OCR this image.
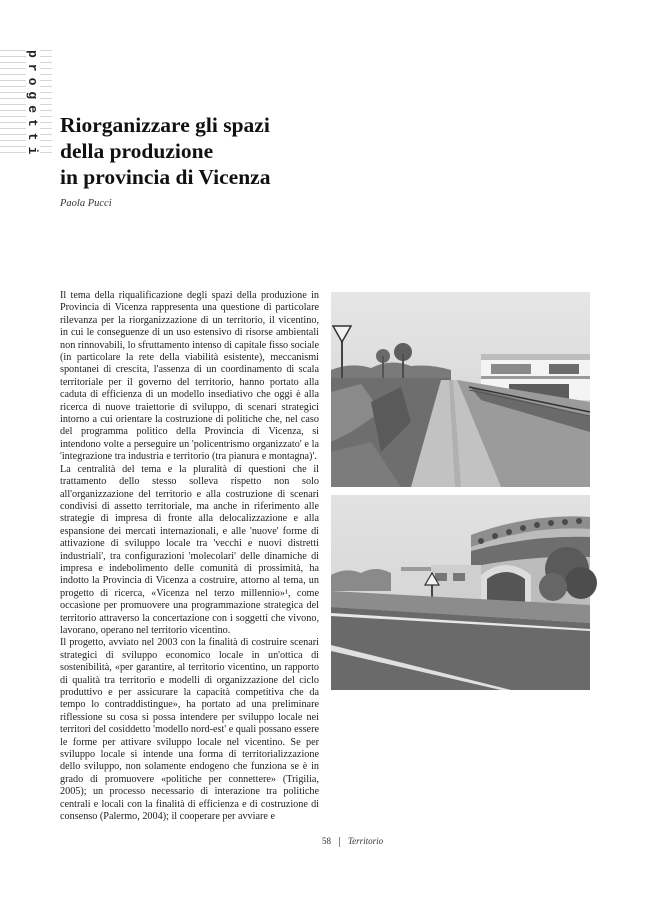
progetti Riorganizzare gli spazi
della produzione
in provincia di Vicenza
Paola Pucci

Il tema della riqualificazione degli spazi della produzione in Provincia di Vicenza rappresenta una questione di particolare rilevanza per la riorganizzazione di un territorio, il vicentino, in cui le conseguenze di un uso estensivo di risorse ambientali non rinnovabili, lo sfruttamento intenso di capitale fisso sociale (in particolare la rete della viabilità esistente), meccanismi spontanei di crescita, l'assenza di un coordinamento di scala territoriale per il governo del territorio, hanno portato alla caduta di efficienza di un modello insediativo che oggi è alla ricerca di nuove traiettorie di sviluppo, di scenari strategici intorno a cui orientare la costruzione di politiche che, nel caso del programma politico della Provincia di Vicenza, si intendono volte a perseguire un 'policentrismo organizzato' e la 'integrazione tra industria e territorio (tra pianura e montagna)'.

La centralità del tema e la pluralità di questioni che il trattamento dello stesso solleva rispetto non solo all'organizzazione del territorio e alla costruzione di scenari condivisi di assetto territoriale, ma anche in riferimento alle strategie di impresa di fronte alla delocalizzazione e alla espansione dei mercati internazionali, e alle 'nuove' forme di attivazione di sviluppo locale tra 'vecchi e nuovi distretti industriali', tra configurazioni 'molecolari' delle dinamiche di impresa e indebolimento delle comunità di prossimità, ha indotto la Provincia di Vicenza a costruire, attorno al tema, un progetto di ricerca, «Vicenza nel terzo millennio»¹, come occasione per promuovere una programmazione strategica del territorio attraverso la concertazione con i soggetti che vivono, lavorano, operano nel territorio vicentino.

Il progetto, avviato nel 2003 con la finalità di costruire scenari strategici di sviluppo economico locale in un'ottica di sostenibilità, «per garantire, al territorio vicentino, un rapporto di qualità tra territorio e modelli di organizzazione del ciclo produttivo e per assicurare la capacità competitiva che da tempo lo contraddistingue», ha portato ad una preliminare riflessione su cosa si possa intendere per sviluppo locale nei territori del cosiddetto 'modello nord-est' e quali possano essere le forme per attivare sviluppo locale nel vicentino. Se per sviluppo locale si intende una forma di territorializzazione dello sviluppo, non solamente endogeno che funziona se è in grado di promuovere «politiche per connettere» (Trigilia, 2005); un processo necessario di interazione tra politiche centrali e locali con la finalità di efficienza e di costruzione di consenso (Palermo, 2004); il cooperare per avviare e

58 Territorio
